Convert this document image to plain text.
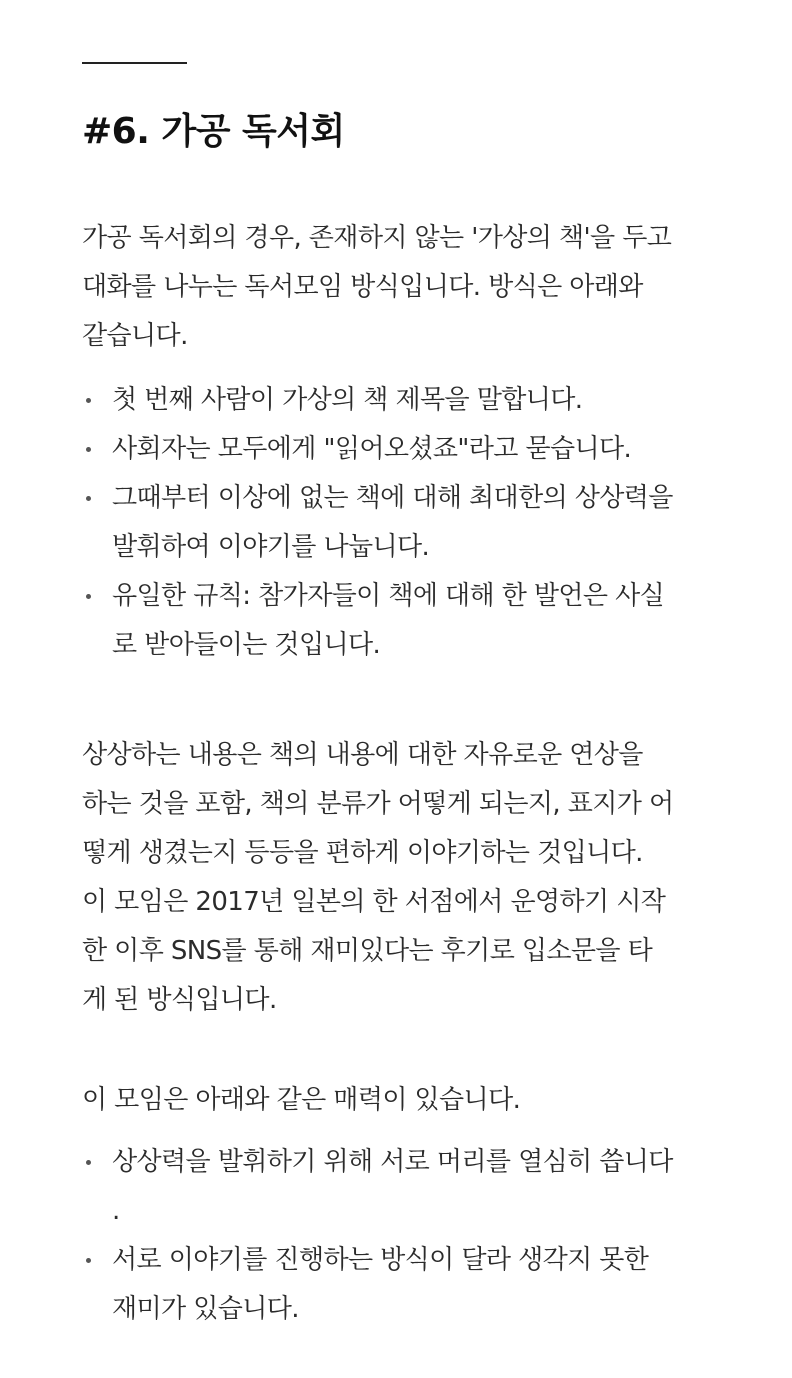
#6. 가공 독서회

가공 독서회의 경우, 존재하지 않는 '가상의 책'을 두고
대화를 나누는 독서모임 방식입니다. 방식은 아래와
같습니다.

첫 번째 사람이 가상의 책 제목을 말합니다.
사회자는 모두에게 "읽어오셨죠"라고 묻습니다.
그때부터 이상에 없는 책에 대해 최대한의 상상력을
발휘하여 이야기를 나눕니다.
유일한 규칙: 참가자들이 책에 대해 한 발언은 사실
로 받아들이는 것입니다.

상상하는 내용은 책의 내용에 대한 자유로운 연상을
하는 것을 포함, 책의 분류가 어떻게 되는지, 표지가 어
떻게 생겼는지 등등을 편하게 이야기하는 것입니다.
이 모임은 2017년 일본의 한 서점에서 운영하기 시작
한 이후 SNS를 통해 재미있다는 후기로 입소문을 타
게 된 방식입니다.

이 모임은 아래와 같은 매력이 있습니다.

상상력을 발휘하기 위해 서로 머리를 열심히 씁니다
.
서로 이야기를 진행하는 방식이 달라 생각지 못한
재미가 있습니다.
